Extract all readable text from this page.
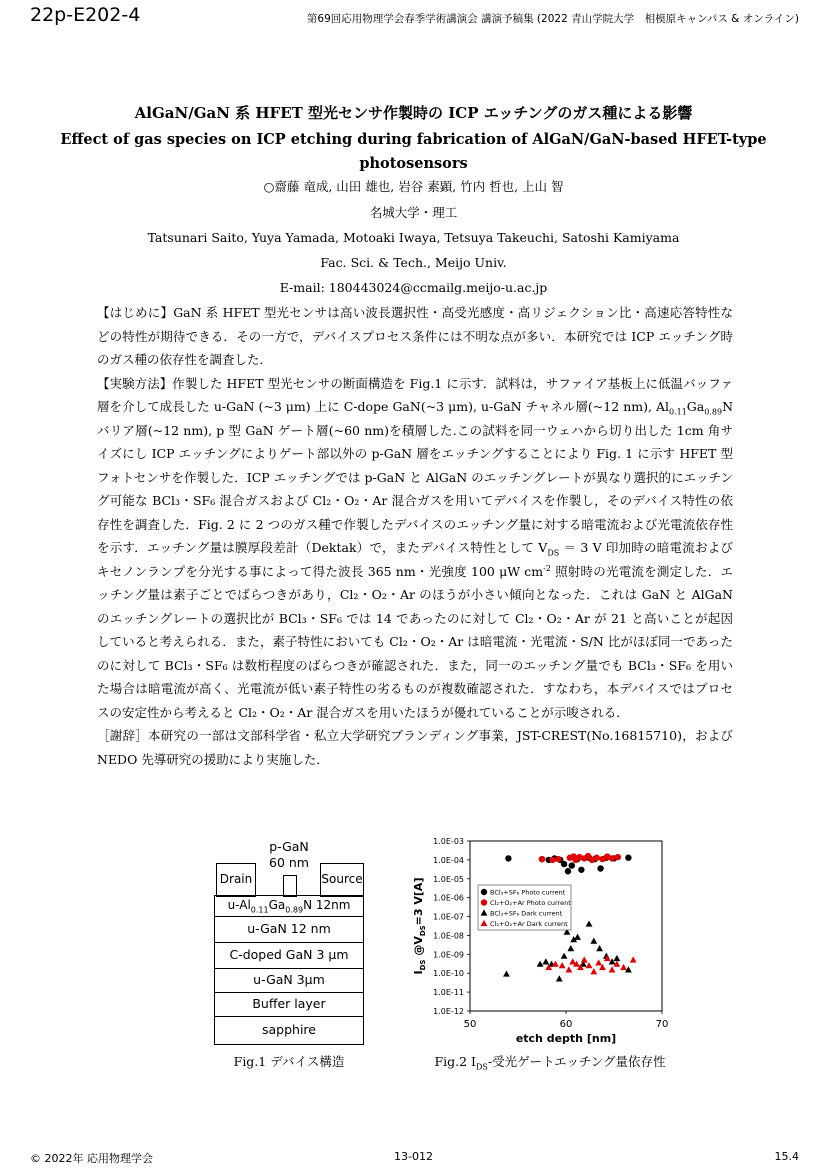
22p-E202-4	第69回応用物理学会春季学術講演会 講演予稿集 (2022 青山学院大学　相模原キャンパス & オンライン)
AlGaN/GaN 系 HFET 型光センサ作製時の ICP エッチングのガス種による影響
Effect of gas species on ICP etching during fabrication of AlGaN/GaN-based HFET-type
photosensors
○齋藤 竜成, 山田 雄也, 岩谷 素顕, 竹内 哲也, 上山 智
名城大学・理工
Tatsunari Saito, Yuya Yamada, Motoaki Iwaya, Tetsuya Takeuchi, Satoshi Kamiyama
Fac. Sci. & Tech., Meijo Univ.
E-mail: 180443024@ccmailg.meijo-u.ac.jp

【はじめに】GaN 系 HFET 型光センサは高い波長選択性・高受光感度・高リジェクション比・高速応答特性などの特性が期待できる．その一方で，デバイスプロセス条件には不明な点が多い．本研究では ICP エッチング時のガス種の依存性を調査した．

【実験方法】作製した HFET 型光センサの断面構造を Fig.1 に示す．試料は，サファイア基板上に低温バッファ層を介して成長した u-GaN (~3 μm) 上に C-dope GaN(~3 μm), u-GaN チャネル層(~12 nm), $Al_{0.11}Ga_{0.89}N$ バリア層(~12 nm), p 型 GaN ゲート層(~60 nm)を積層した.この試料を同一ウェハから切り出した 1cm 角サイズにし ICP エッチングによりゲート部以外の p-GaN 層をエッチングすることにより Fig. 1 に示す HFET 型フォトセンサを作製した．ICP エッチングでは p-GaN と AlGaN のエッチングレートが異なり選択的にエッチング可能な BCl₃・SF₆ 混合ガスおよび Cl₂・O₂・Ar 混合ガスを用いてデバイスを作製し，そのデバイス特性の依存性を調査した．Fig. 2 に 2 つのガス種で作製したデバイスのエッチング量に対する暗電流および光電流依存性を示す．エッチング量は膜厚段差計（Dektak）で，またデバイス特性として $V_{DS} = 3$ V 印加時の暗電流およびキセノンランプを分光する事によって得た波長 365 nm・光強度 100 μW $cm^{-2}$ 照射時の光電流を測定した．エッチング量は素子ごとでばらつきがあり，Cl₂・O₂・Ar のほうが小さい傾向となった．これは GaN と AlGaN のエッチングレートの選択比が BCl₃・SF₆ では 14 であったのに対して Cl₂・O₂・Ar が 21 と高いことが起因していると考えられる．また，素子特性においても Cl₂・O₂・Ar は暗電流・光電流・S/N 比がほぼ同一であったのに対して BCl₃・SF₆ は数桁程度のばらつきが確認された．また，同一のエッチング量でも BCl₃・SF₆ を用いた場合は暗電流が高く、光電流が低い素子特性の劣るものが複数確認された．すなわち，本デバイスではプロセスの安定性から考えると Cl₂・O₂・Ar 混合ガスを用いたほうが優れていることが示唆される．

［謝辞］本研究の一部は文部科学省・私立大学研究ブランディング事業，JST-CREST(No.16815710)，および NEDO 先導研究の援助により実施した．

p-GaN
60 nm
Drain	Source
$u-Al_{0.11}Ga_{0.89}N$ 12nm
u-GaN 12 nm
C-doped GaN 3 μm
u-GaN 3μm
Buffer layer
sapphire
Fig.1 デバイス構造
1.0E-12
1.0E-11
1.0E-10
1.0E-09
1.0E-08
1.0E-07
1.0E-06
1.0E-05
1.0E-04
1.0E-03
50	60	70
BCl₃+SF₆ Photo current
Cl₂+O₂+Ar Photo current
BCl₃+SF₆ Dark current
Cl₂+O₂+Ar Dark current
etch depth [nm]
$I_{DS}$ $@V_{DS}=3$ V[A]
Fig.2 $I_{DS}-$受光ゲートエッチング量依存性
© 2022年 応用物理学会	13-012	15.4
